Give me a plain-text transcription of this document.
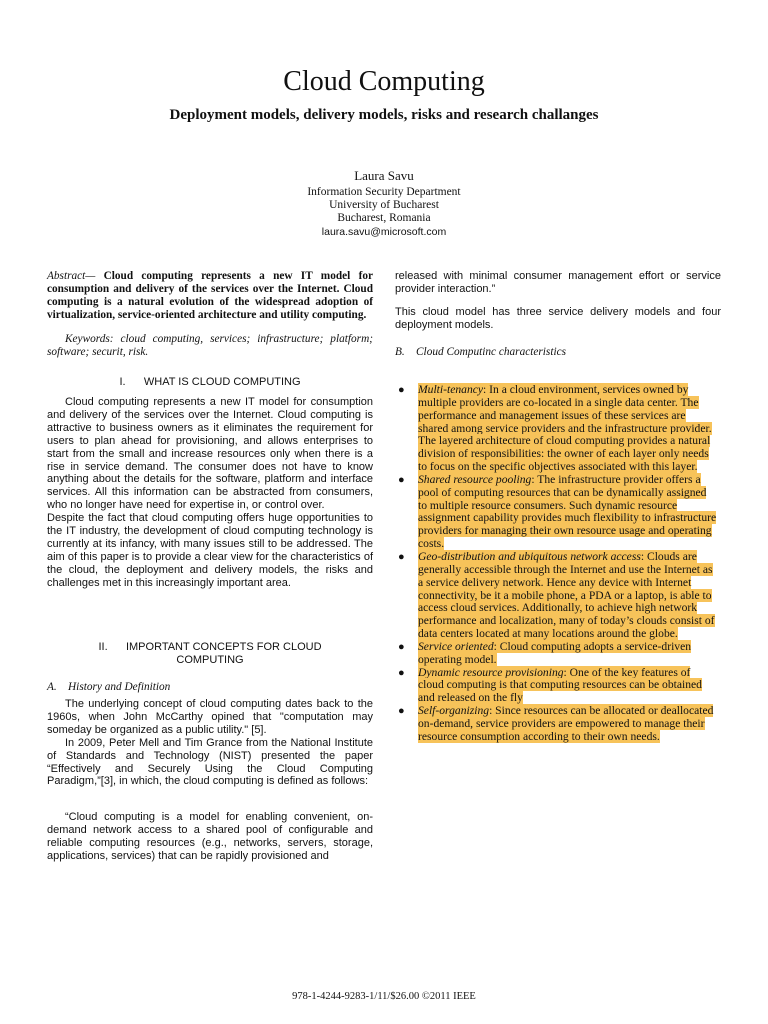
Cloud Computing
Deployment models, delivery models, risks and research challanges
Laura Savu
Information Security Department
University of Bucharest
Bucharest, Romania
laura.savu@microsoft.com
Abstract— Cloud computing represents a new IT model for consumption and delivery of the services over the Internet. Cloud computing is a natural evolution of the widespread adoption of virtualization, service-oriented architecture and utility computing.
Keywords: cloud computing, services; infrastructure; platform; software; securit, risk.
I.      WHAT IS CLOUD COMPUTING
Cloud computing represents a new IT model for consumption and delivery of the services over the Internet. Cloud computing is attractive to business owners as it eliminates the requirement for users to plan ahead for provisioning, and allows enterprises to start from the small and increase resources only when there is a rise in service demand. The consumer does not have to know anything about the details for the software, platform and interface services. All this information can be abstracted from consumers, who no longer have need for expertise in, or control over.
Despite the fact that cloud computing offers huge opportunities to the IT industry, the development of cloud computing technology is currently at its infancy, with many issues still to be addressed. The aim of this paper is to provide a clear view for the characteristics of the cloud, the deployment and delivery models, the risks and challenges met in this increasingly important area.
II.      IMPORTANT CONCEPTS FOR CLOUD
COMPUTING
A.    History and Definition
The underlying concept of cloud computing dates back to the 1960s, when John McCarthy opined that "computation may someday be organized as a public utility." [5].
In 2009, Peter Mell and Tim Grance from the National Institute of Standards and Technology (NIST) presented the paper “Effectively and Securely Using the Cloud Computing Paradigm,”[3], in which, the cloud computing is defined as follows:
“Cloud computing is a model for enabling convenient, on-demand network access to a shared pool of configurable and reliable computing resources (e.g., networks, servers, storage, applications, services) that can be rapidly provisioned and
released with minimal consumer management effort or service provider interaction.”
This cloud model has three service delivery models and four deployment models.
B.    Cloud Computinc characteristics
● Multi-tenancy: In a cloud environment, services owned by multiple providers are co-located in a single data center. The performance and management issues of these services are shared among service providers and the infrastructure provider. The layered architecture of cloud computing provides a natural division of responsibilities: the owner of each layer only needs to focus on the specific objectives associated with this layer.
● Shared resource pooling: The infrastructure provider offers a pool of computing resources that can be dynamically assigned to multiple resource consumers. Such dynamic resource assignment capability provides much flexibility to infrastructure providers for managing their own resource usage and operating costs.
● Geo-distribution and ubiquitous network access: Clouds are generally accessible through the Internet and use the Internet as a service delivery network. Hence any device with Internet connectivity, be it a mobile phone, a PDA or a laptop, is able to access cloud services. Additionally, to achieve high network performance and localization, many of today’s clouds consist of data centers located at many locations around the globe.
● Service oriented: Cloud computing adopts a service-driven operating model.
● Dynamic resource provisioning: One of the key features of cloud computing is that computing resources can be obtained and released on the fly
● Self-organizing: Since resources can be allocated or deallocated on-demand, service providers are empowered to manage their resource consumption according to their own needs.
978-1-4244-9283-1/11/$26.00 ©2011 IEEE
